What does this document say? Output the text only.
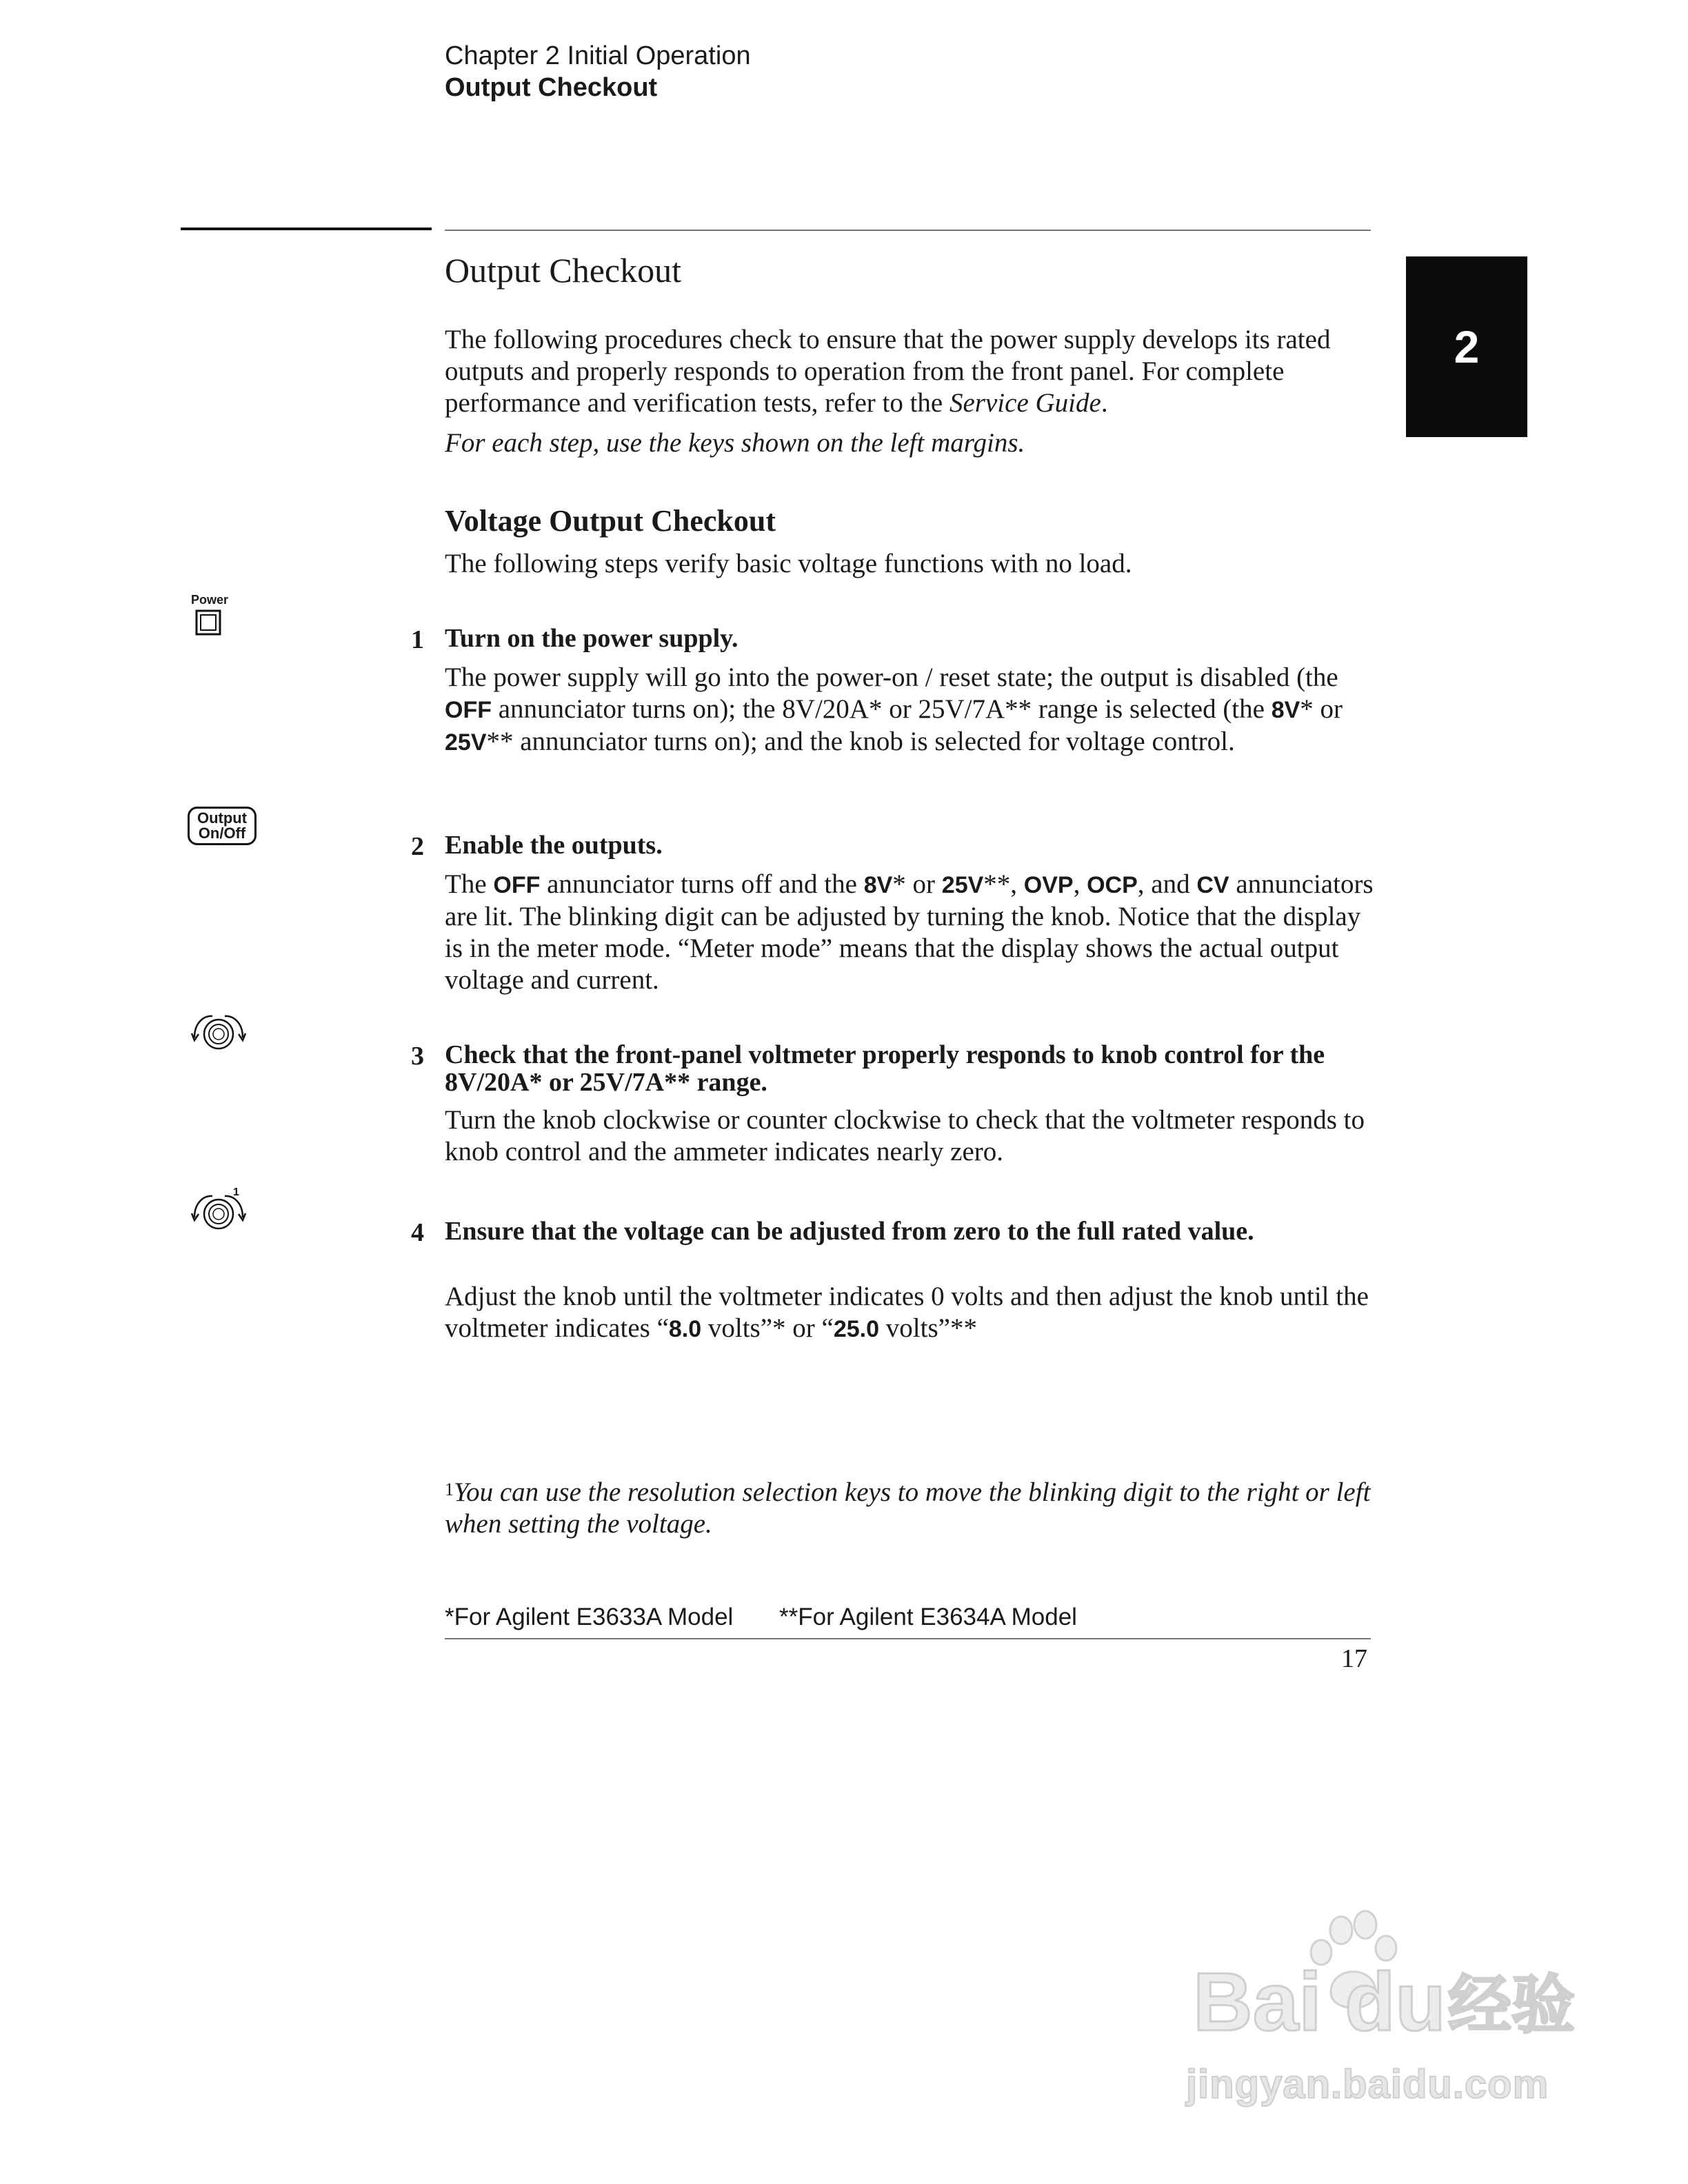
Chapter 2 Initial Operation
Output Checkout
2
Output Checkout
The following procedures check to ensure that the power supply develops its rated outputs and properly responds to operation from the front panel. For complete performance and verification tests, refer to the Service Guide.
For each step, use the keys shown on the left margins.
Voltage Output Checkout
The following steps verify basic voltage functions with no load.
Power
Output
On/Off
1
1 Turn on the power supply.
The power supply will go into the power-on / reset state; the output is disabled (the OFF annunciator turns on); the 8V/20A* or 25V/7A** range is selected (the 8V* or 25V** annunciator turns on); and the knob is selected for voltage control.
2 Enable the outputs.
The OFF annunciator turns off and the 8V* or 25V**, OVP, OCP, and CV annunciators are lit. The blinking digit can be adjusted by turning the knob. Notice that the display is in the meter mode. “Meter mode” means that the display shows the actual output voltage and current.
3 Check that the front-panel voltmeter properly responds to knob control for the 8V/20A* or 25V/7A** range.
Turn the knob clockwise or counter clockwise to check that the voltmeter responds to knob control and the ammeter indicates nearly zero.
4 Ensure that the voltage can be adjusted from zero to the full rated value.
Adjust the knob until the voltmeter indicates 0 volts and then adjust the knob until the voltmeter indicates “8.0 volts”* or “25.0 volts”**
$^1$You can use the resolution selection keys to move the blinking digit to the right or left when setting the voltage.
*For Agilent E3633A Model **For Agilent E3634A Model
17
Bai du 经验
jingyan.baidu.com
